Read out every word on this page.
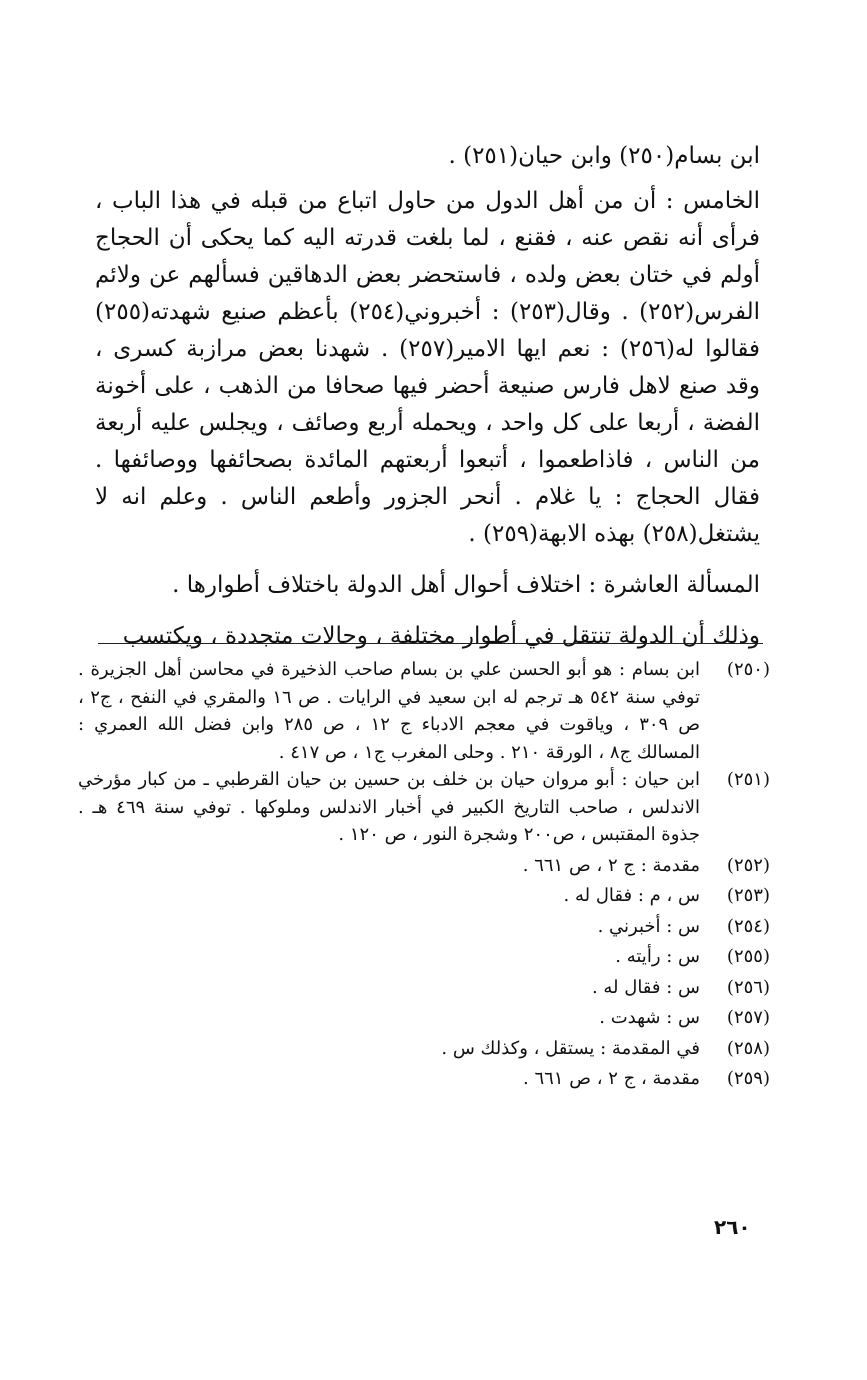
ابن بسام(٢٥٠) وابن حيان(٢٥١) .

الخامس : أن من أهل الدول من حاول اتباع من قبله في هذا الباب ، فرأى أنه نقص عنه ، فقنع ، لما بلغت قدرته اليه كما يحكى أن الحجاج أولم في ختان بعض ولده ، فاستحضر بعض الدهاقين فسألهم عن ولائم الفرس(٢٥٢) . وقال(٢٥٣) : أخبروني(٢٥٤) بأعظم صنيع شهدته(٢٥٥) فقالوا له(٢٥٦) : نعم ايها الامير(٢٥٧) . شهدنا بعض مرازبة كسرى ، وقد صنع لاهل فارس صنيعة أحضر فيها صحافا من الذهب ، على أخونة الفضة ، أربعا على كل واحد ، ويحمله أربع وصائف ، ويجلس عليه أربعة من الناس ، فاذاطعموا ، أتبعوا أربعتهم المائدة بصحائفها ووصائفها . فقال الحجاج : يا غلام . أنحر الجزور وأطعم الناس . وعلم انه لا يشتغل(٢٥٨) بهذه الابهة(٢٥٩) .

المسألة العاشرة : اختلاف أحوال أهل الدولة باختلاف أطوارها .

وذلك أن الدولة تنتقل في أطوار مختلفة ، وحالات متجددة ، ويكتسب

(٢٥٠)
ابن بسام : هو أبو الحسن علي بن بسام صاحب الذخيرة في محاسن أهل الجزيرة . توفي سنة ٥٤٢ هـ ترجم له ابن سعيد في الرايات . ص ١٦ والمقري في النفح ، ج٢ ، ص ٣٠٩ ، وياقوت في معجم الادباء ج ١٢ ، ص ٢٨٥ وابن فضل الله العمري : المسالك ج٨ ، الورقة ٢١٠ . وحلى المغرب ج١ ، ص ٤١٧ .
(٢٥١)
ابن حيان : أبو مروان حيان بن خلف بن حسين بن حيان القرطبي ـ من كبار مؤرخي الاندلس ، صاحب التاريخ الكبير في أخبار الاندلس وملوكها . توفي سنة ٤٦٩ هـ . جذوة المقتبس ، ص٢٠٠ وشجرة النور ، ص ١٢٠ .
(٢٥٢)
مقدمة : ج ٢ ، ص ٦٦١ .
(٢٥٣)
س ، م : فقال له .
(٢٥٤)
س : أخبرني .
(٢٥٥)
س : رأيته .
(٢٥٦)
س : فقال له .
(٢٥٧)
س : شهدت .
(٢٥٨)
في المقدمة : يستقل ، وكذلك س .
(٢٥٩)
مقدمة ، ج ٢ ، ص ٦٦١ .
٢٦٠
